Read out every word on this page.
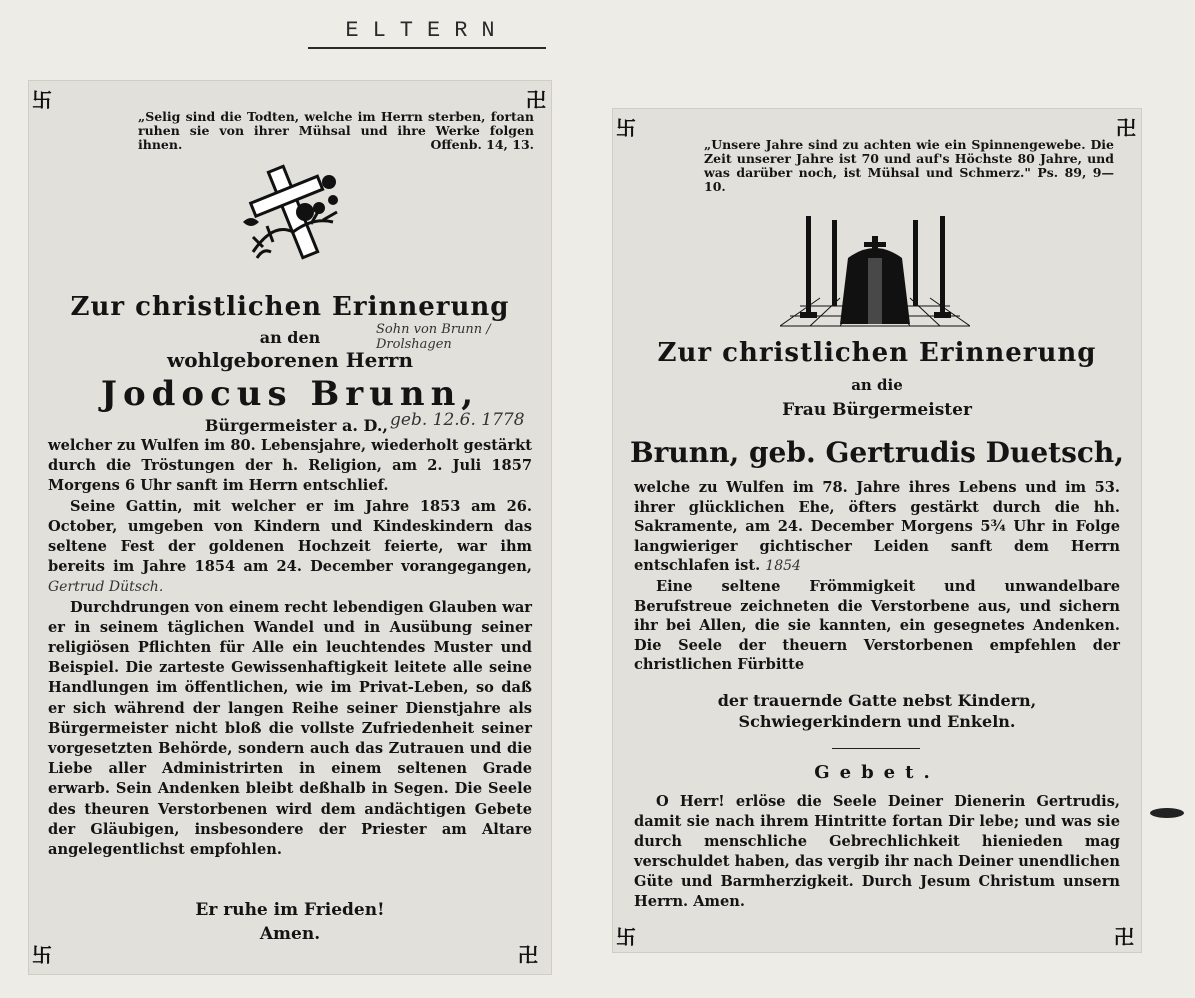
ELTERN
卐	卍
卐	卍
„Selig sind die Todten, welche im Herrn sterben, fortan ruhen sie von ihrer Mühsal und ihre Werke folgen ihnen.	Offenb. 14, 13.
Zur christlichen Erinnerung
an den	Sohn von Brunn / Drolshagen
wohlgeborenen Herrn
Jodocus Brunn,
Bürgermeister a. D., geb. 12.6. 1778

welcher zu Wulfen im 80. Lebensjahre, wiederholt gestärkt durch die Tröstungen der h. Religion, am 2. Juli 1857 Morgens 6 Uhr sanft im Herrn entschlief.

Seine Gattin, mit welcher er im Jahre 1853 am 26. October, umgeben von Kindern und Kindeskindern das seltene Fest der goldenen Hochzeit feierte, war ihm bereits im Jahre 1854 am 24. December vorangegangen, Gertrud Dütsch.

Durchdrungen von einem recht lebendigen Glauben war er in seinem täglichen Wandel und in Ausübung seiner religiösen Pflichten für Alle ein leuchtendes Muster und Beispiel. Die zarteste Gewissenhaftigkeit leitete alle seine Handlungen im öffentlichen, wie im Privat-Leben, so daß er sich während der langen Reihe seiner Dienstjahre als Bürgermeister nicht bloß die vollste Zufriedenheit seiner vorgesetzten Behörde, sondern auch das Zutrauen und die Liebe aller Administrirten in einem seltenen Grade erwarb. Sein Andenken bleibt deßhalb in Segen. Die Seele des theuren Verstorbenen wird dem andächtigen Gebete der Gläubigen, insbesondere der Priester am Altare angelegentlichst empfohlen.

Er ruhe im Frieden!
Amen.
卐	卍
卐	卍
„Unsere Jahre sind zu achten wie ein Spinnengewebe. Die Zeit unserer Jahre ist 70 und auf's Höchste 80 Jahre, und was darüber noch, ist Mühsal und Schmerz." Ps. 89, 9—10.
Zur christlichen Erinnerung
an die
Frau Bürgermeister
Brunn, geb. Gertrudis Duetsch,

welche zu Wulfen im 78. Jahre ihres Lebens und im 53. ihrer glücklichen Ehe, öfters gestärkt durch die hh. Sakramente, am 24. December Morgens 5¾ Uhr in Folge langwieriger gichtischer Leiden sanft dem Herrn entschlafen ist. 1854

Eine seltene Frömmigkeit und unwandelbare Berufstreue zeichneten die Verstorbene aus, und sichern ihr bei Allen, die sie kannten, ein gesegnetes Andenken. Die Seele der theuern Verstorbenen empfehlen der christlichen Fürbitte

der trauernde Gatte nebst Kindern, Schwiegerkindern und Enkeln.
Gebet.

O Herr! erlöse die Seele Deiner Dienerin Gertrudis, damit sie nach ihrem Hintritte fortan Dir lebe; und was sie durch menschliche Gebrechlichkeit hienieden mag verschuldet haben, das vergib ihr nach Deiner unendlichen Güte und Barmherzigkeit. Durch Jesum Christum unsern Herrn. Amen.
